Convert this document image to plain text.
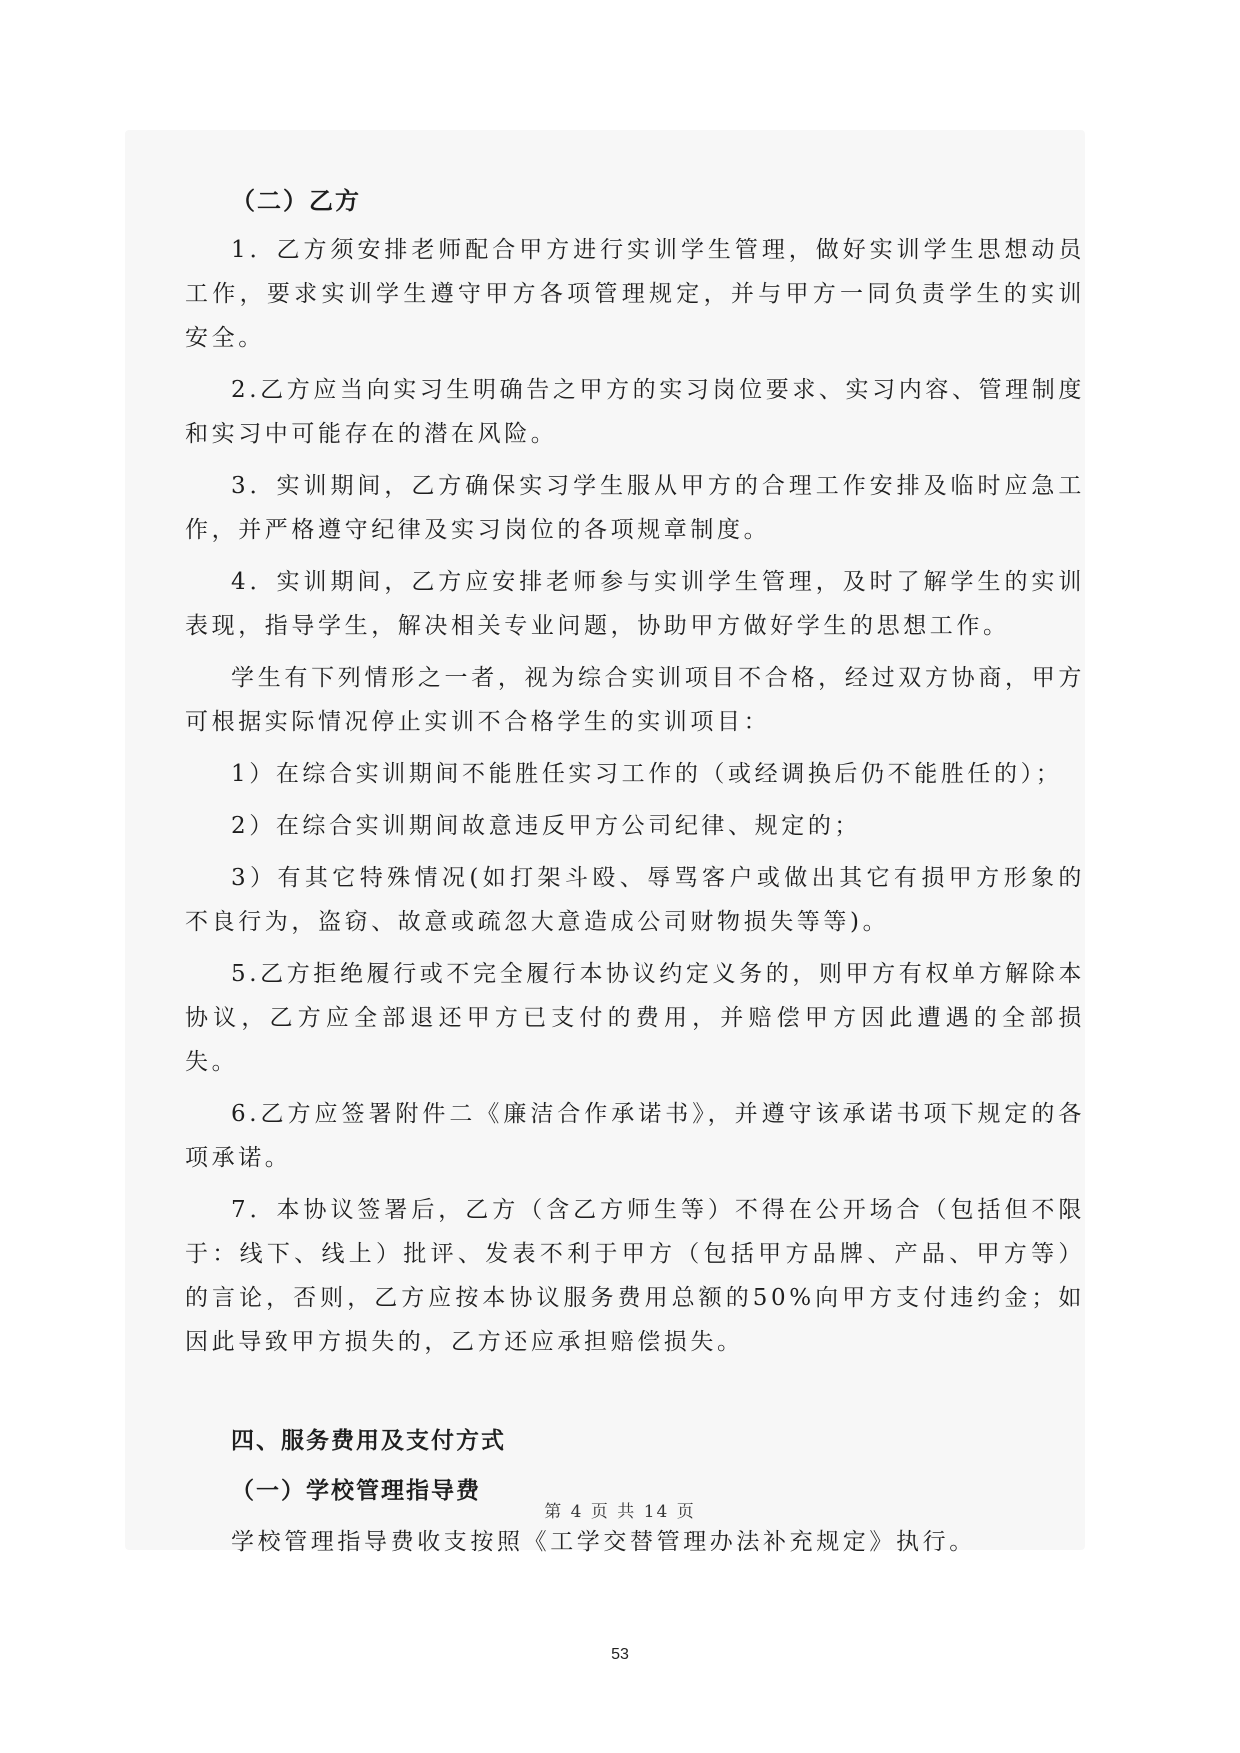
（二）乙方

1．乙方须安排老师配合甲方进行实训学生管理，做好实训学生思想动员工作，要求实训学生遵守甲方各项管理规定，并与甲方一同负责学生的实训安全。

2.乙方应当向实习生明确告之甲方的实习岗位要求、实习内容、管理制度和实习中可能存在的潜在风险。

3．实训期间，乙方确保实习学生服从甲方的合理工作安排及临时应急工作，并严格遵守纪律及实习岗位的各项规章制度。

4．实训期间，乙方应安排老师参与实训学生管理，及时了解学生的实训表现，指导学生，解决相关专业问题，协助甲方做好学生的思想工作。

学生有下列情形之一者，视为综合实训项目不合格，经过双方协商，甲方可根据实际情况停止实训不合格学生的实训项目：

1）在综合实训期间不能胜任实习工作的（或经调换后仍不能胜任的）；

2）在综合实训期间故意违反甲方公司纪律、规定的；

3）有其它特殊情况(如打架斗殴、辱骂客户或做出其它有损甲方形象的不良行为，盗窃、故意或疏忽大意造成公司财物损失等等)。

5.乙方拒绝履行或不完全履行本协议约定义务的，则甲方有权单方解除本协议，乙方应全部退还甲方已支付的费用，并赔偿甲方因此遭遇的全部损失。

6.乙方应签署附件二《廉洁合作承诺书》，并遵守该承诺书项下规定的各项承诺。

7．本协议签署后，乙方（含乙方师生等）不得在公开场合（包括但不限于：线下、线上）批评、发表不利于甲方（包括甲方品牌、产品、甲方等）的言论，否则，乙方应按本协议服务费用总额的50%向甲方支付违约金；如因此导致甲方损失的，乙方还应承担赔偿损失。

四、服务费用及支付方式
（一）学校管理指导费

学校管理指导费收支按照《工学交替管理办法补充规定》执行。

第 4 页 共 14 页
53
